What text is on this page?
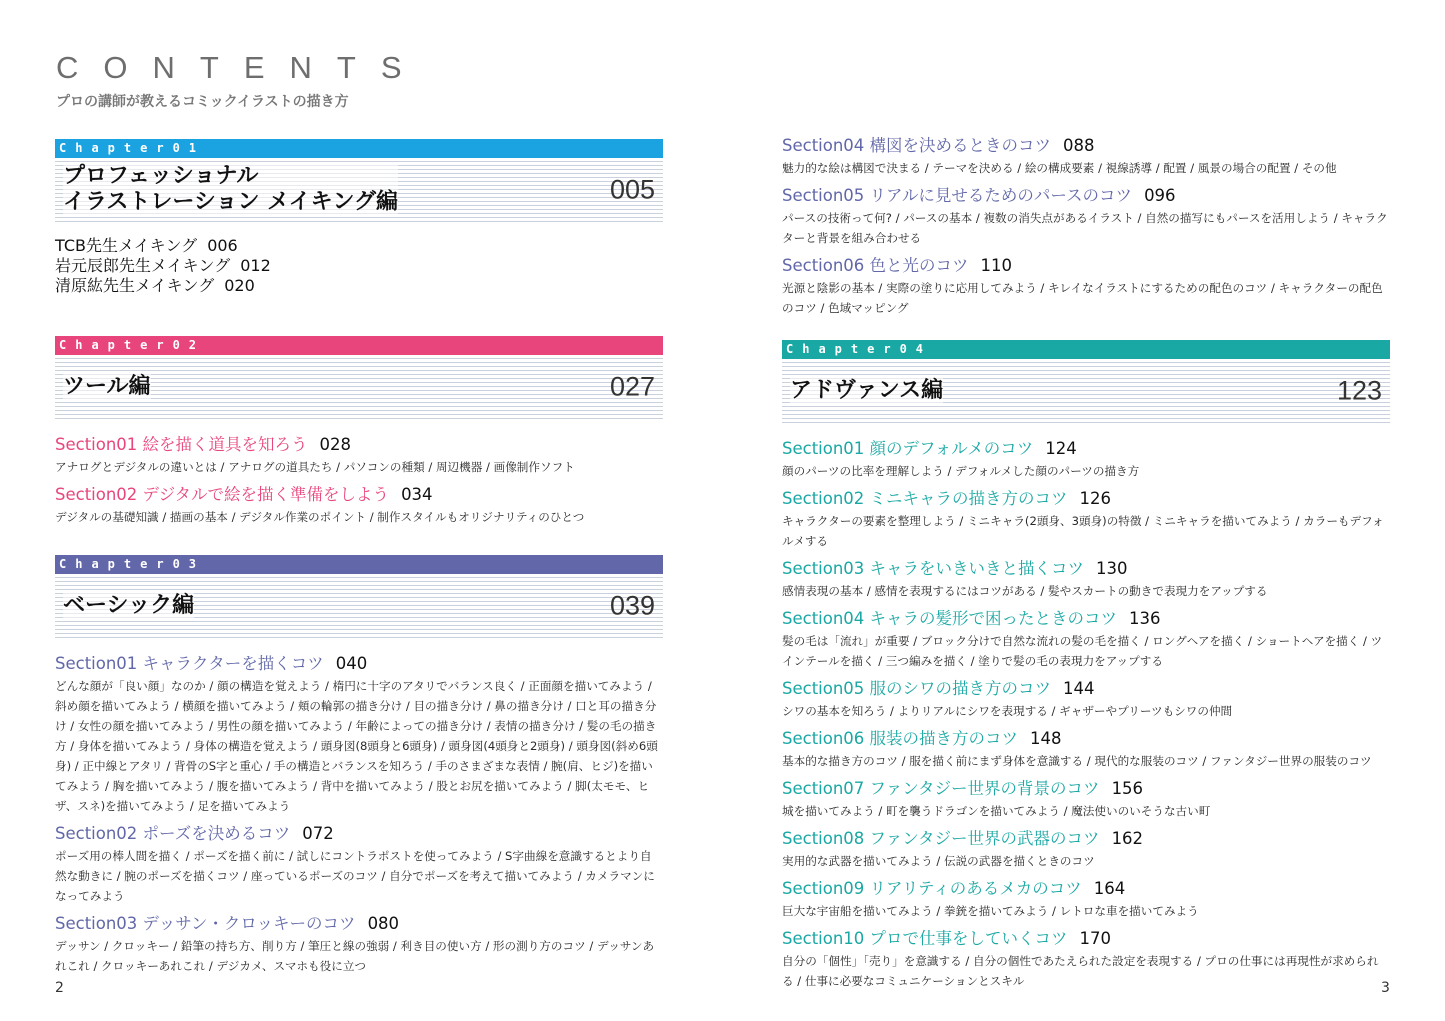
CONTENTS
プロの講師が教えるコミックイラストの描き方
Chapter01
プロフェッショナル
イラストレーション メイキング編	005
TCB先生メイキング 006
岩元辰郎先生メイキング 012
清原紘先生メイキング 020
Chapter02
ツール編	027
Section01 絵を描く道具を知ろう 028
アナログとデジタルの違いとは / アナログの道具たち / パソコンの種類 / 周辺機器 / 画像制作ソフト
Section02 デジタルで絵を描く準備をしよう 034
デジタルの基礎知識 / 描画の基本 / デジタル作業のポイント / 制作スタイルもオリジナリティのひとつ
Chapter03
ベーシック編	039
Section01 キャラクターを描くコツ 040
どんな顔が「良い顔」なのか / 顔の構造を覚えよう / 楕円に十字のアタリでバランス良く / 正面顔を描いてみよう / 斜め顔を描いてみよう / 横顔を描いてみよう / 頬の輪郭の描き分け / 目の描き分け / 鼻の描き分け / 口と耳の描き分け / 女性の顔を描いてみよう / 男性の顔を描いてみよう / 年齢によっての描き分け / 表情の描き分け / 髪の毛の描き方 / 身体を描いてみよう / 身体の構造を覚えよう / 頭身図(8頭身と6頭身) / 頭身図(4頭身と2頭身) / 頭身図(斜め6頭身) / 正中線とアタリ / 背骨のS字と重心 / 手の構造とバランスを知ろう / 手のさまざまな表情 / 腕(肩、ヒジ)を描いてみよう / 胸を描いてみよう / 腹を描いてみよう / 背中を描いてみよう / 股とお尻を描いてみよう / 脚(太モモ、ヒザ、スネ)を描いてみよう / 足を描いてみよう
Section02 ポーズを決めるコツ 072
ポーズ用の棒人間を描く / ポーズを描く前に / 試しにコントラポストを使ってみよう / S字曲線を意識するとより自然な動きに / 腕のポーズを描くコツ / 座っているポーズのコツ / 自分でポーズを考えて描いてみよう / カメラマンになってみよう
Section03 デッサン・クロッキーのコツ 080
デッサン / クロッキー / 鉛筆の持ち方、削り方 / 筆圧と線の強弱 / 利き目の使い方 / 形の測り方のコツ / デッサンあれこれ / クロッキーあれこれ / デジカメ、スマホも役に立つ
Section04 構図を決めるときのコツ 088
魅力的な絵は構図で決まる / テーマを決める / 絵の構成要素 / 視線誘導 / 配置 / 風景の場合の配置 / その他
Section05 リアルに見せるためのパースのコツ 096
パースの技術って何? / パースの基本 / 複数の消失点があるイラスト / 自然の描写にもパースを活用しよう / キャラクターと背景を組み合わせる
Section06 色と光のコツ 110
光源と陰影の基本 / 実際の塗りに応用してみよう / キレイなイラストにするための配色のコツ / キャラクターの配色のコツ / 色域マッピング
Chapter04
アドヴァンス編	123
Section01 顔のデフォルメのコツ 124
顔のパーツの比率を理解しよう / デフォルメした顔のパーツの描き方
Section02 ミニキャラの描き方のコツ 126
キャラクターの要素を整理しよう / ミニキャラ(2頭身、3頭身)の特徴 / ミニキャラを描いてみよう / カラーもデフォルメする
Section03 キャラをいきいきと描くコツ 130
感情表現の基本 / 感情を表現するにはコツがある / 髪やスカートの動きで表現力をアップする
Section04 キャラの髪形で困ったときのコツ 136
髪の毛は「流れ」が重要 / ブロック分けで自然な流れの髪の毛を描く / ロングヘアを描く / ショートヘアを描く / ツインテールを描く / 三つ編みを描く / 塗りで髪の毛の表現力をアップする
Section05 服のシワの描き方のコツ 144
シワの基本を知ろう / よりリアルにシワを表現する / ギャザーやプリーツもシワの仲間
Section06 服装の描き方のコツ 148
基本的な描き方のコツ / 服を描く前にまず身体を意識する / 現代的な服装のコツ / ファンタジー世界の服装のコツ
Section07 ファンタジー世界の背景のコツ 156
城を描いてみよう / 町を襲うドラゴンを描いてみよう / 魔法使いのいそうな古い町
Section08 ファンタジー世界の武器のコツ 162
実用的な武器を描いてみよう / 伝説の武器を描くときのコツ
Section09 リアリティのあるメカのコツ 164
巨大な宇宙船を描いてみよう / 拳銃を描いてみよう / レトロな車を描いてみよう
Section10 プロで仕事をしていくコツ 170
自分の「個性」「売り」を意識する / 自分の個性であたえられた設定を表現する / プロの仕事には再現性が求められる / 仕事に必要なコミュニケーションとスキル
2	3
